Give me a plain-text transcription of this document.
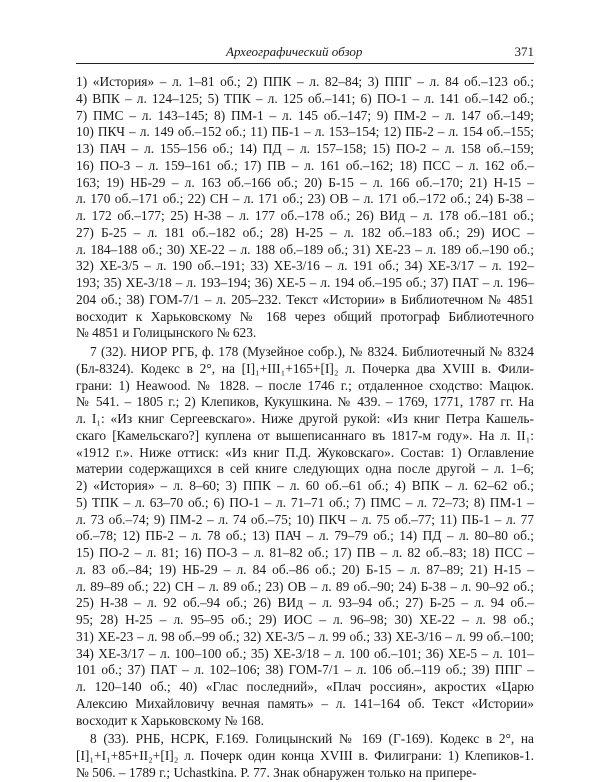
Археографический обзор	371
1) «История» – л. 1–81 об.; 2) ППК – л. 82–84; 3) ППГ – л. 84 об.–123 об.;
4) ВПК – л. 124–125; 5) ТПК – л. 125 об.–141; 6) ПО-1 – л. 141 об.–142 об.;
7) ПМС – л. 143–145; 8) ПМ-1 – л. 145 об.–147; 9) ПМ-2 – л. 147 об.–149;
10) ПКЧ – л. 149 об.–152 об.; 11) ПБ-1 – л. 153–154; 12) ПБ-2 – л. 154 об.–155;
13) ПАЧ – л. 155–156 об.; 14) ПД – л. 157–158; 15) ПО-2 – л. 158 об.–159;
16) ПО-3 – л. 159–161 об.; 17) ПВ – л. 161 об.–162; 18) ПСС – л. 162 об.–
163; 19) НБ-29 – л. 163 об.–166 об.; 20) Б-15 – л. 166 об.–170; 21) Н-15 –
л. 170 об.–171 об.; 22) СН – л. 171 об.; 23) ОВ – л. 171 об.–172 об.; 24) Б-38 –
л. 172 об.–177; 25) Н-38 – л. 177 об.–178 об.; 26) ВИд – л. 178 об.–181 об.;
27) Б-25 – л. 181 об.–182 об.; 28) Н-25 – л. 182 об.–183 об.; 29) ИОС –
л. 184–188 об.; 30) ХЕ-22 – л. 188 об.–189 об.; 31) ХЕ-23 – л. 189 об.–190 об.;
32) ХЕ-3/5 – л. 190 об.–191; 33) ХЕ-3/16 – л. 191 об.; 34) ХЕ-3/17 – л. 192–
193; 35) ХЕ-3/18 – л. 193–194; 36) ХЕ-5 – л. 194 об.–195 об.; 37) ПАТ – л. 196–
204 об.; 38) ГОМ-7/1 – л. 205–232. Текст «Истории» в Библиотечном № 4851
восходит к Харьковскому № 168 через общий протограф Библиотечного
№ 4851 и Голицынского № 623.
7 (32). НИОР РГБ, ф. 178 (Музейное собр.), № 8324. Библиотечный № 8324
(Бл-8324). Кодекс в 2°, на [I]₁+III₁+165+[I]₂ л. Почерка два XVIII в. Фили-
грани: 1) Heawood. № 1828. – после 1746 г.; отдаленное сходство: Мацюк.
№ 541. – 1805 г.; 2) Клепиков, Кукушкина. № 439. – 1769, 1771, 1787 гг. На
л. I₁: «Из книг Сергеевскаго». Ниже другой рукой: «Из книг Петра Кашель-
скаго [Камельскаго?] куплена от вышеписаннаго въ 1817-м году». На л. II₁:
«1912 г.». Ниже оттиск: «Из книг П.Д. Жуковскаго». Состав: 1) Оглавление
материи содержащихся в сей книге следующих одна после другой – л. 1–6;
2) «История» – л. 8–60; 3) ППК – л. 60 об.–61 об.; 4) ВПК – л. 62–62 об.;
5) ТПК – л. 63–70 об.; 6) ПО-1 – л. 71–71 об.; 7) ПМС – л. 72–73; 8) ПМ-1 –
л. 73 об.–74; 9) ПМ-2 – л. 74 об.–75; 10) ПКЧ – л. 75 об.–77; 11) ПБ-1 – л. 77
об.–78; 12) ПБ-2 – л. 78 об.; 13) ПАЧ – л. 79–79 об.; 14) ПД – л. 80–80 об.;
15) ПО-2 – л. 81; 16) ПО-3 – л. 81–82 об.; 17) ПВ – л. 82 об.–83; 18) ПСС –
л. 83 об.–84; 19) НБ-29 – л. 84 об.–86 об.; 20) Б-15 – л. 87–89; 21) Н-15 –
л. 89–89 об.; 22) СН – л. 89 об.; 23) ОВ – л. 89 об.–90; 24) Б-38 – л. 90–92 об.;
25) Н-38 – л. 92 об.–94 об.; 26) ВИд – л. 93–94 об.; 27) Б-25 – л. 94 об.–
95; 28) Н-25 – л. 95–95 об.; 29) ИОС – л. 96–98; 30) ХЕ-22 – л. 98 об.;
31) ХЕ-23 – л. 98 об.–99 об.; 32) ХЕ-3/5 – л. 99 об.; 33) ХЕ-3/16 – л. 99 об.–100;
34) ХЕ-3/17 – л. 100–100 об.; 35) ХЕ-3/18 – л. 100 об.–101; 36) ХЕ-5 – л. 101–
101 об.; 37) ПАТ – л. 102–106; 38) ГОМ-7/1 – л. 106 об.–119 об.; 39) ППГ –
л. 120–140 об.; 40) «Глас последний», «Плач россиян», акростих «Царю
Алексию Михайловичу вечная память» – л. 141–164 об. Текст «Истории»
восходит к Харьковскому № 168.
8 (33). РНБ, НСРК, F.169. Голицынский № 169 (Г-169). Кодекс в 2°, на
[I]₁+I₁+85+II₂+[I]₂ л. Почерк один конца XVIII в. Филиграни: 1) Клепиков-1.
№ 506. – 1789 г.; Uchastkina. P. 77. Знак обнаружен только на припере-
